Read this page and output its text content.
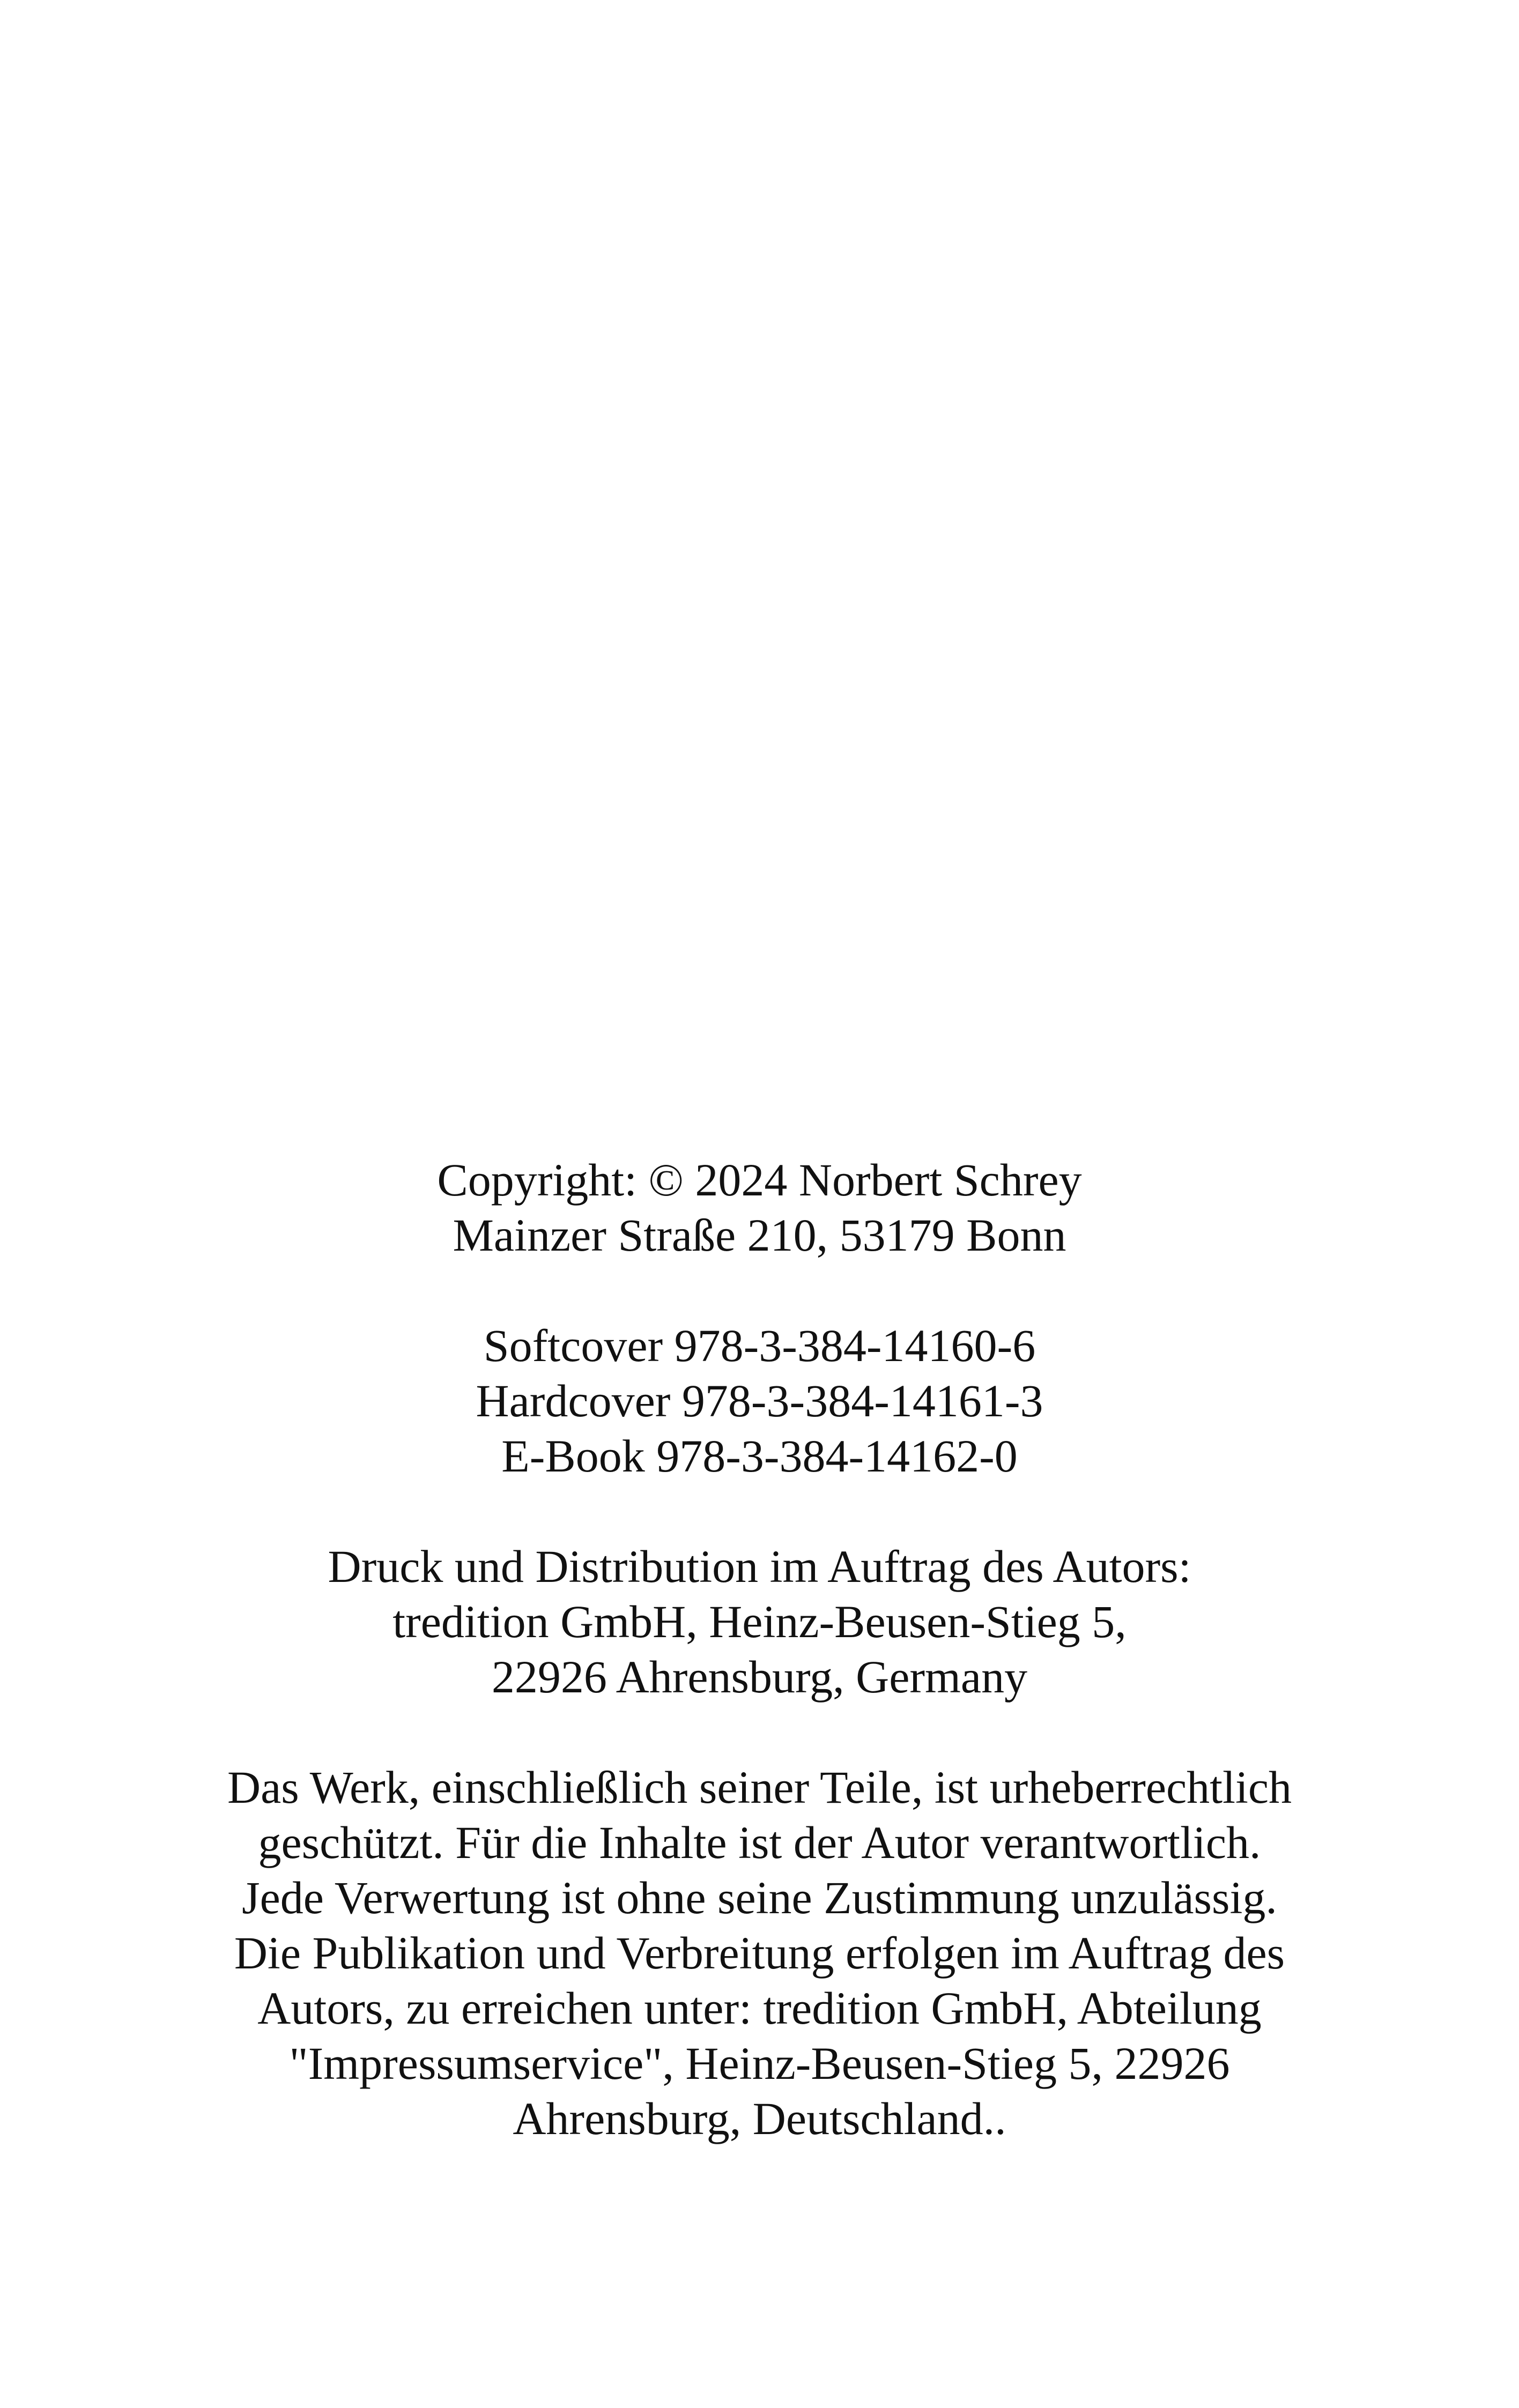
Copyright: © 2024 Norbert Schrey
Mainzer Straße 210, 53179 Bonn
Softcover 978-3-384-14160-6
Hardcover 978-3-384-14161-3
E-Book 978-3-384-14162-0
Druck und Distribution im Auftrag des Autors:
tredition GmbH, Heinz-Beusen-Stieg 5,
22926 Ahrensburg, Germany
Das Werk, einschließlich seiner Teile, ist urheberrechtlich
geschützt. Für die Inhalte ist der Autor verantwortlich.
Jede Verwertung ist ohne seine Zustimmung unzulässig.
Die Publikation und Verbreitung erfolgen im Auftrag des
Autors, zu erreichen unter: tredition GmbH, Abteilung
"Impressumservice", Heinz-Beusen-Stieg 5, 22926
Ahrensburg, Deutschland..
